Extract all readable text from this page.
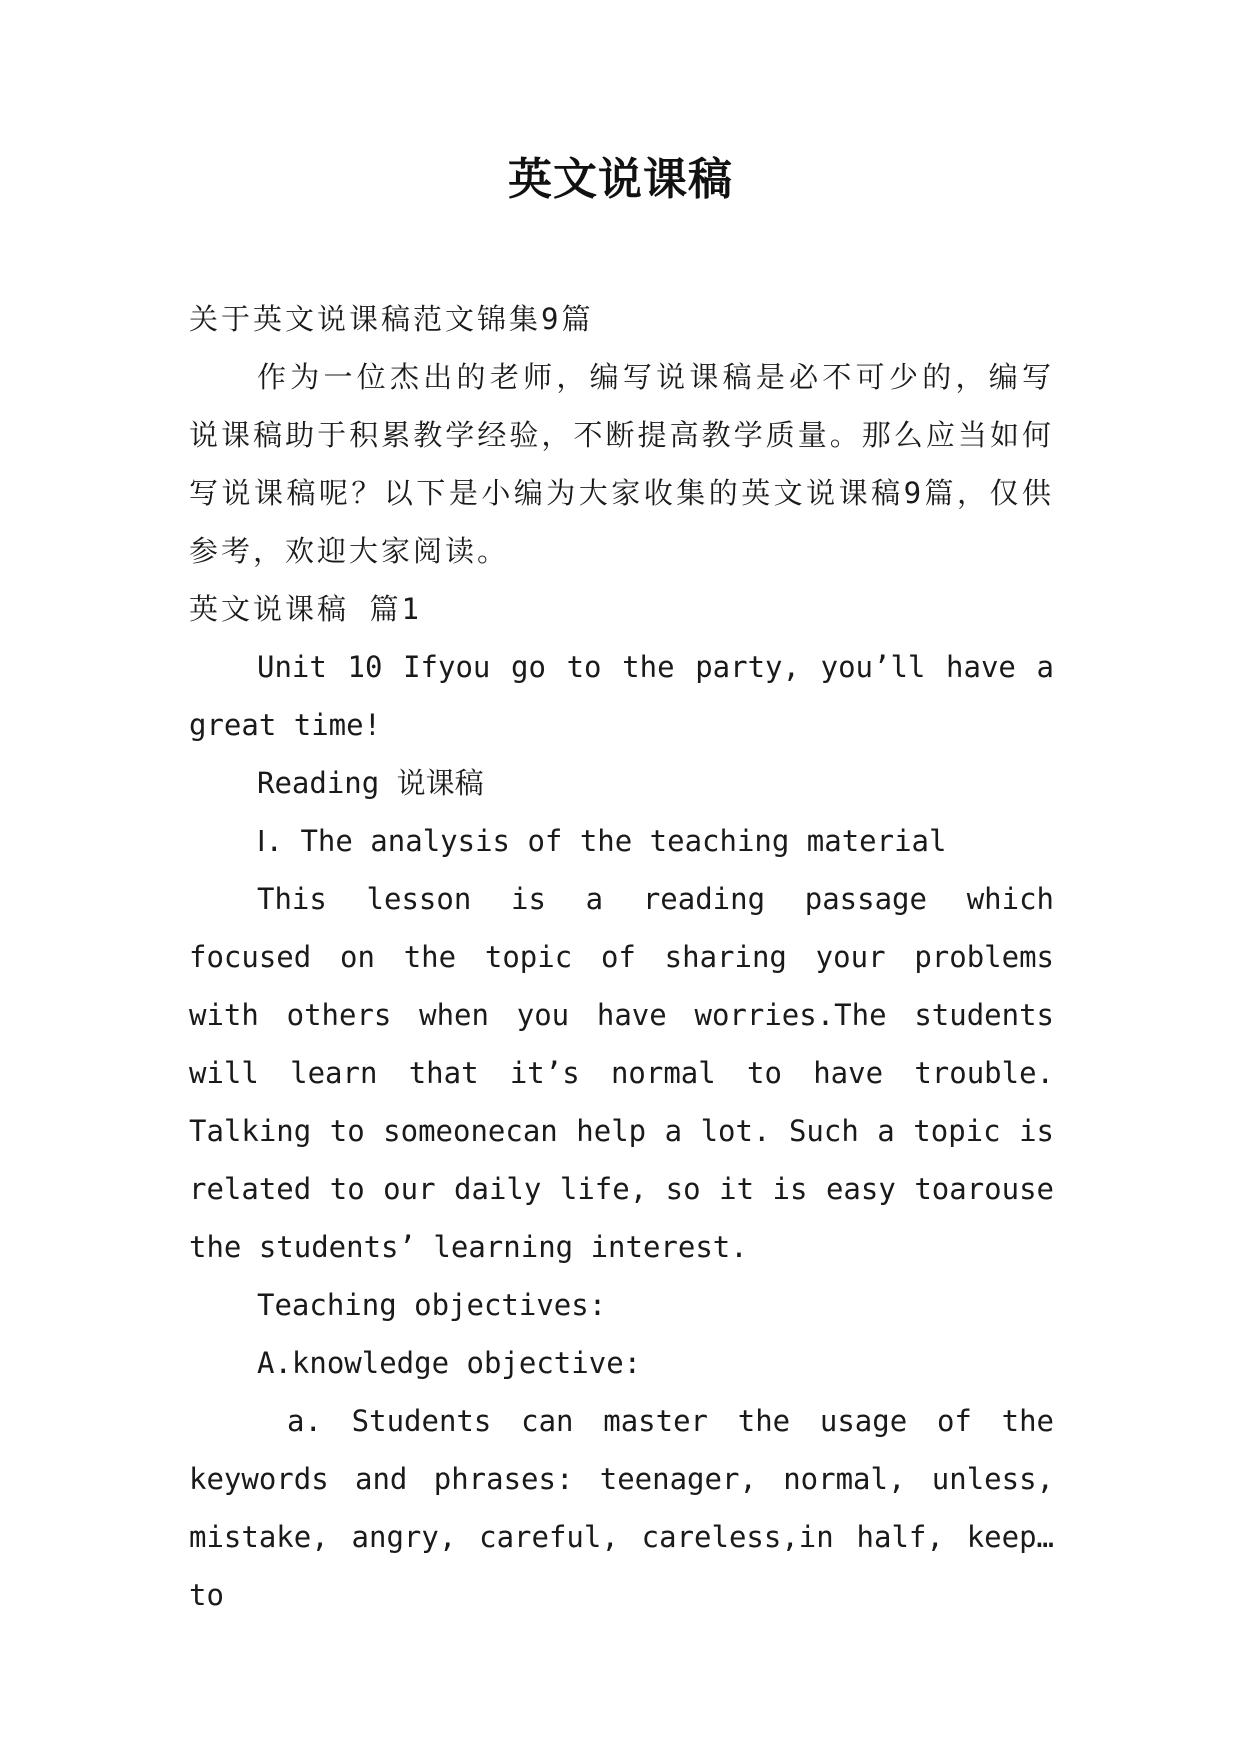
英文说课稿

关于英文说课稿范文锦集9篇

作为一位杰出的老师，编写说课稿是必不可少的，编写说课稿助于积累教学经验，不断提高教学质量。那么应当如何写说课稿呢？以下是小编为大家收集的英文说课稿9篇，仅供参考，欢迎大家阅读。

英文说课稿 篇1

Unit 10 Ifyou go to the party, you’ll have a great time!

Reading 说课稿

Ⅰ. The analysis of the teaching material

This lesson is a reading passage which focused on the topic of sharing your problems with others when you have worries.The students will learn that it’s normal to have trouble. Talking to someonecan help a lot. Such a topic is related to our daily life, so it is easy toarouse the students’ learning interest.

Teaching objectives:

A.knowledge objective:

a. Students can master the usage of the keywords and phrases: teenager, normal, unless, mistake, angry, careful, careless,in half, keep…to
